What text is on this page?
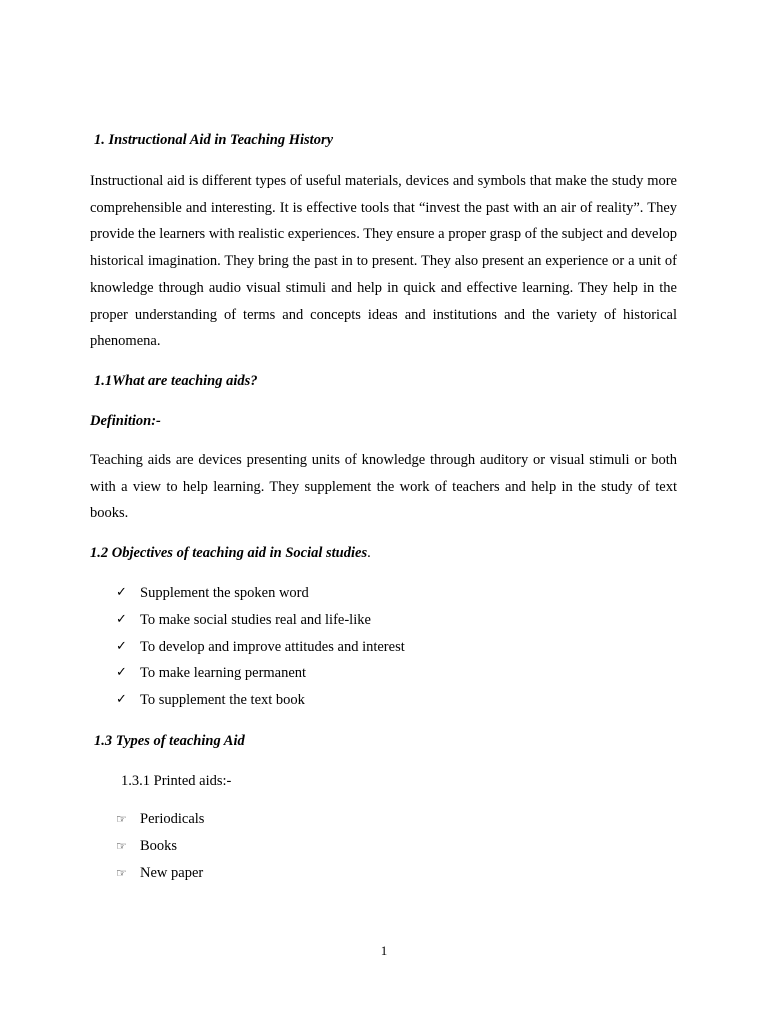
1. Instructional Aid in Teaching History

Instructional aid is different types of useful materials, devices and symbols that make the study more comprehensible and interesting. It is effective tools that “invest the past with an air of reality”. They provide the learners with realistic experiences. They ensure a proper grasp of the subject and develop historical imagination. They bring the past in to present. They also present an experience or a unit of knowledge through audio visual stimuli and help in quick and effective learning. They help in the proper understanding of terms and concepts ideas and institutions and the variety of historical phenomena.

1.1What are teaching aids?
Definition:-

Teaching aids are devices presenting units of knowledge through auditory or visual stimuli or both with a view to help learning. They supplement the work of teachers and help in the study of text books.

1.2 Objectives of teaching aid in Social studies.
✓ Supplement the spoken word
✓ To make social studies real and life-like
✓ To develop and improve attitudes and interest
✓ To make learning permanent
✓ To supplement the text book
1.3 Types of teaching Aid
1.3.1 Printed aids:-
☞ Periodicals
☞ Books
☞ New paper
1
